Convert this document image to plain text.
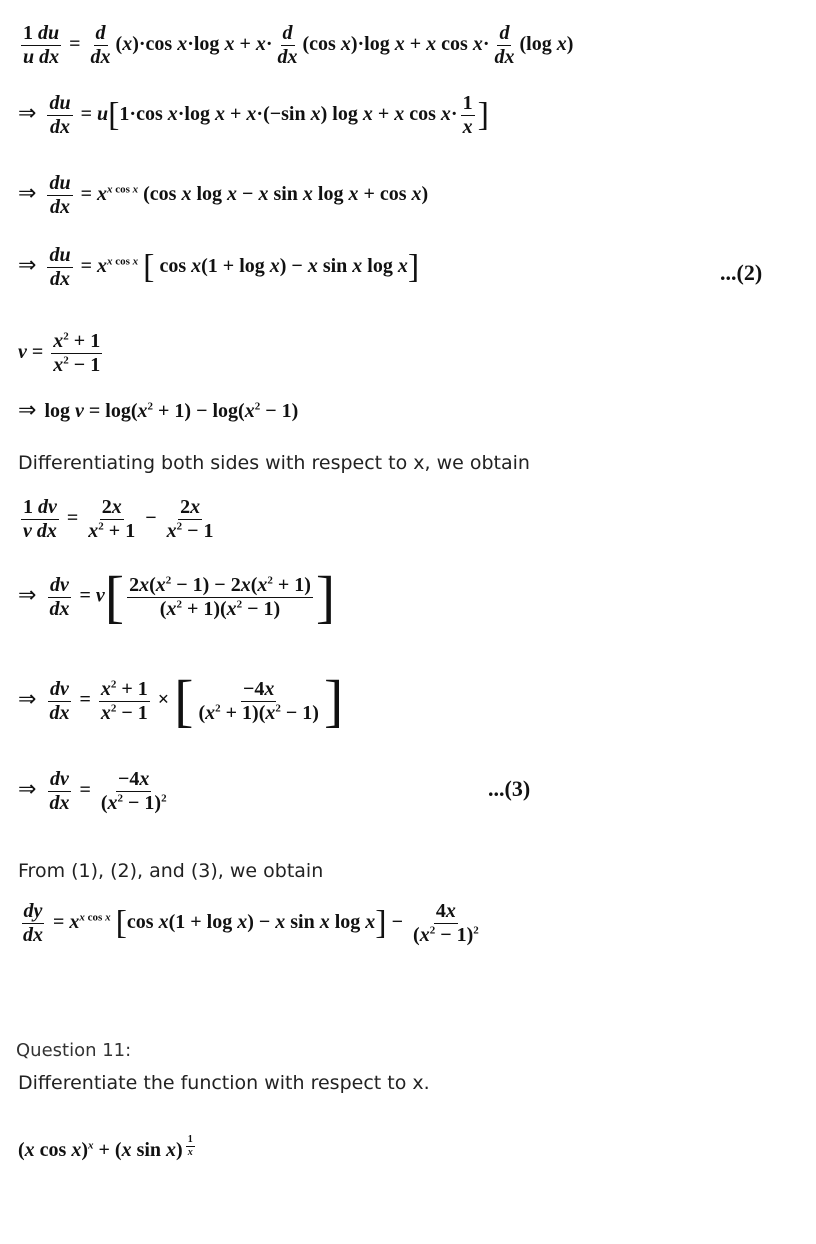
$\frac{1 du}{\text{u dx}} = \frac{d}{dx} (x)\cdot\cos$ x·log $x + x\cdot \frac{d}{dx} (\cos$ x)·log x + x $\cos x\cdot \frac{d}{dx} (\log$ x)
⇒ $\frac{du}{dx} = u[1\cdot\cos$ x·log x + x·(−sin x) log x + x $\cos x\cdot \frac{1}{x}$ ]
⇒ $\frac{du}{dx} = x^{x cos x}$ (cos x log x − x sin x log x + cos x)
⇒ $\frac{du}{dx} = x^{x cos x}$ [ cos x(1 + log x) − x sin x log x]	...(2)
$v = \frac{x^2 + 1}{x^2 - 1}$
⇒ $\log v = \log(x^2 + 1) - \log(x^2 - 1)$
Differentiating both sides with respect to x, we obtain
$\frac{1 dv}{\text{v dx}} = \frac{2x}{x^2 + 1} - \frac{2x}{x^2 - 1}$
⇒ $\frac{dv}{dx} = v[ \frac{2x(x^2 - 1) - 2x(x^2 + 1)}{(x^2 + 1)(x^2 - 1)}$ ]
⇒ $\frac{dv}{dx} = \frac{x^2 + 1}{x^2 - 1}$ × [ $\frac{-4x}{(x^2 + 1)(x^2 - 1)}$ ]
⇒ $\frac{dv}{dx} = \frac{-4x}{(x^2 - 1)^2}$	...(3)
From (1), (2), and (3), we obtain
$\frac{dy}{dx} = x^{x cos x}$ [cos x(1 + log x) − x sin x $\log x] - \frac{4x}{(x^2 - 1)^2}$
Question 11:
Differentiate the function with respect to x.
(x cos x)$^x$ + (x sin x) $^{\frac{1}{x}}$
